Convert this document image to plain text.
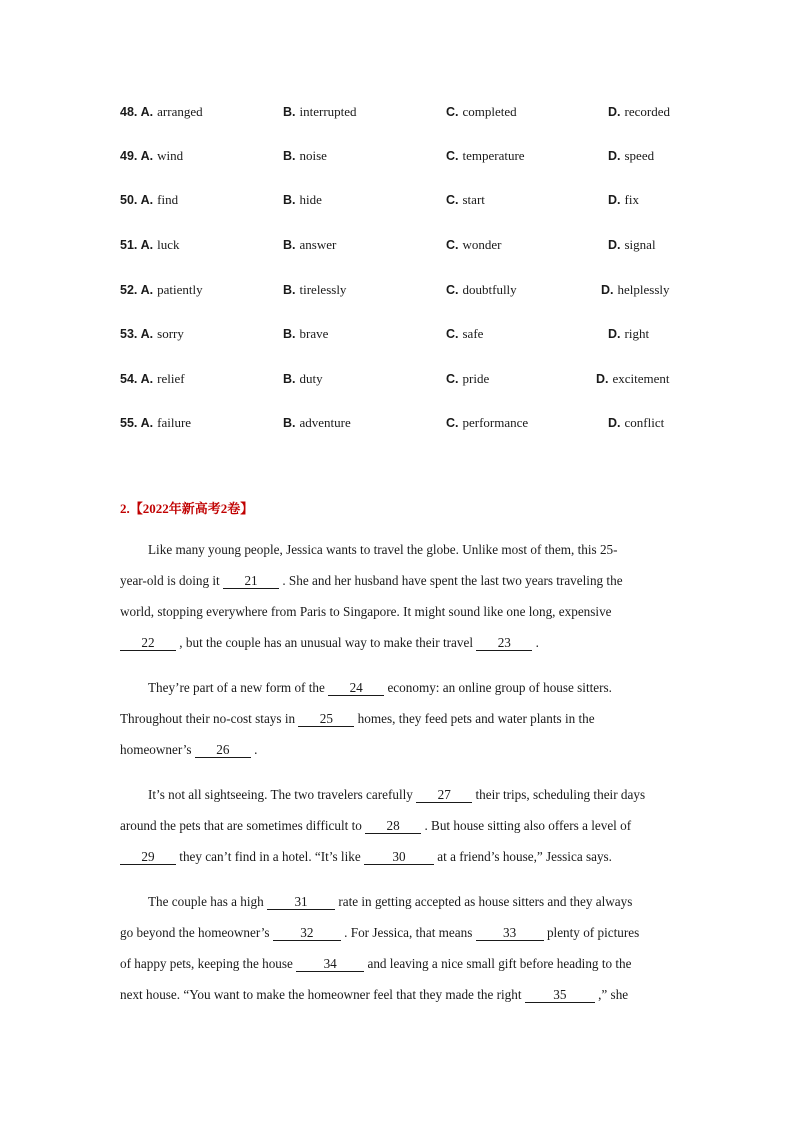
48. A. arranged	B. interrupted	C. completed	D. recorded
49. A. wind	B. noise	C. temperature	D. speed
50. A. find	B. hide	C. start	D. fix
51. A. luck	B. answer	C. wonder	D. signal
52. A. patiently	B. tirelessly	C. doubtfully	D. helplessly
53. A. sorry	B. brave	C. safe	D. right
54. A. relief	B. duty	C. pride	D. excitement
55. A. failure	B. adventure	C. performance	D. conflict
2.【2022年新高考2卷】
Like many young people, Jessica wants to travel the globe. Unlike most of them, this 25-
year-old is doing it 21 . She and her husband have spent the last two years traveling the
world, stopping everywhere from Paris to Singapore. It might sound like one long, expensive
22 , but the couple has an unusual way to make their travel 23 .
They’re part of a new form of the 24 economy: an online group of house sitters.
Throughout their no-cost stays in 25 homes, they feed pets and water plants in the
homeowner’s 26 .
It’s not all sightseeing. The two travelers carefully 27 their trips, scheduling their days
around the pets that are sometimes difficult to 28 . But house sitting also offers a level of
29 they can’t find in a hotel. “It’s like 30 at a friend’s house,” Jessica says.
The couple has a high 31 rate in getting accepted as house sitters and they always
go beyond the homeowner’s 32 . For Jessica, that means 33 plenty of pictures
of happy pets, keeping the house 34 and leaving a nice small gift before heading to the
next house. “You want to make the homeowner feel that they made the right 35 ,” she
